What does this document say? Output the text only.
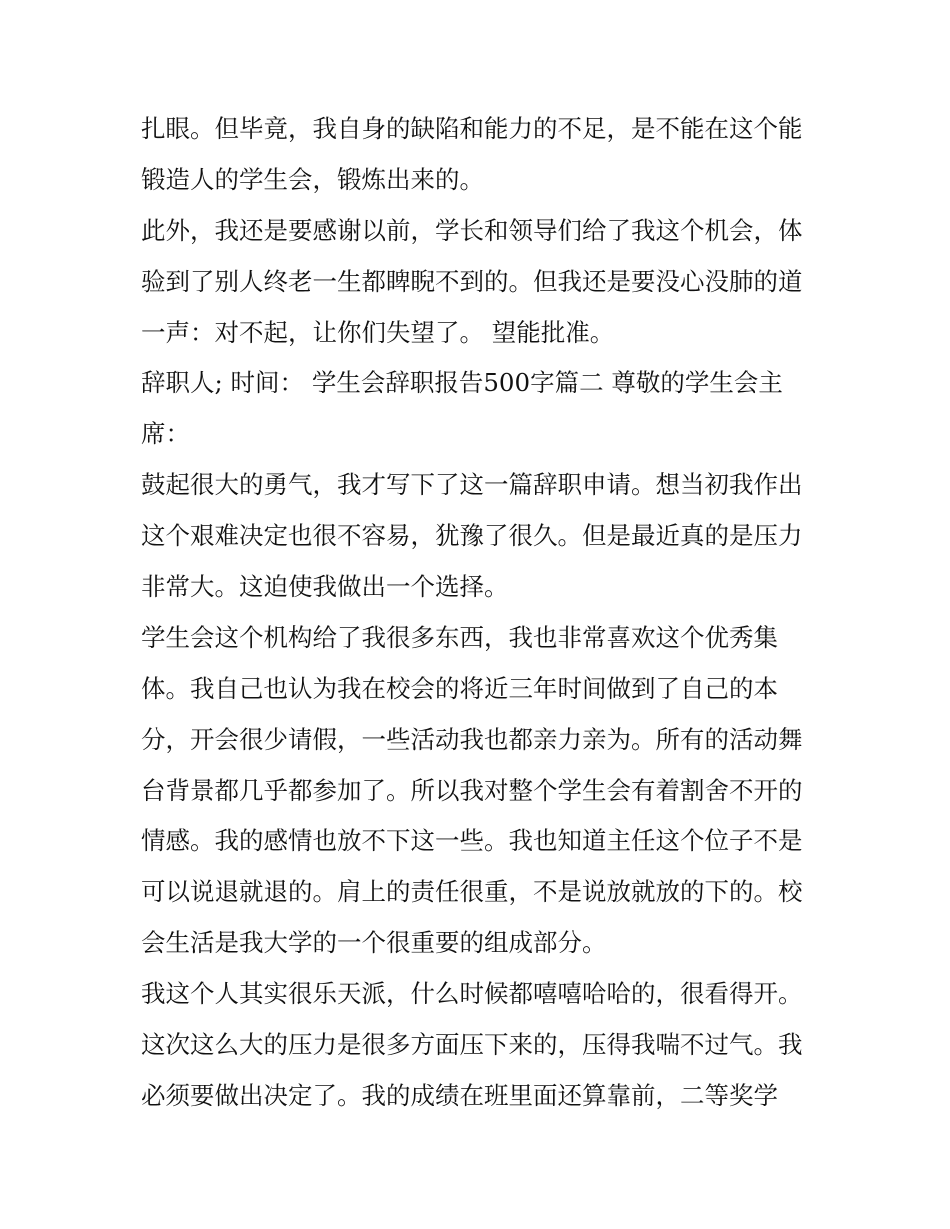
扎眼。但毕竟，我自身的缺陷和能力的不足，是不能在这个能
锻造人的学生会，锻炼出来的。
此外，我还是要感谢以前，学长和领导们给了我这个机会，体
验到了别人终老一生都睥睨不到的。但我还是要没心没肺的道
一声：对不起，让你们失望了。 望能批准。
辞职人; 时间： 学生会辞职报告500字篇二 尊敬的学生会主
席：
鼓起很大的勇气，我才写下了这一篇辞职申请。想当初我作出
这个艰难决定也很不容易，犹豫了很久。但是最近真的是压力
非常大。这迫使我做出一个选择。
学生会这个机构给了我很多东西，我也非常喜欢这个优秀集
体。我自己也认为我在校会的将近三年时间做到了自己的本
分，开会很少请假，一些活动我也都亲力亲为。所有的活动舞
台背景都几乎都参加了。所以我对整个学生会有着割舍不开的
情感。我的感情也放不下这一些。我也知道主任这个位子不是
可以说退就退的。肩上的责任很重，不是说放就放的下的。校
会生活是我大学的一个很重要的组成部分。
我这个人其实很乐天派，什么时候都嘻嘻哈哈的，很看得开。
这次这么大的压力是很多方面压下来的，压得我喘不过气。我
必须要做出决定了。我的成绩在班里面还算靠前，二等奖学
